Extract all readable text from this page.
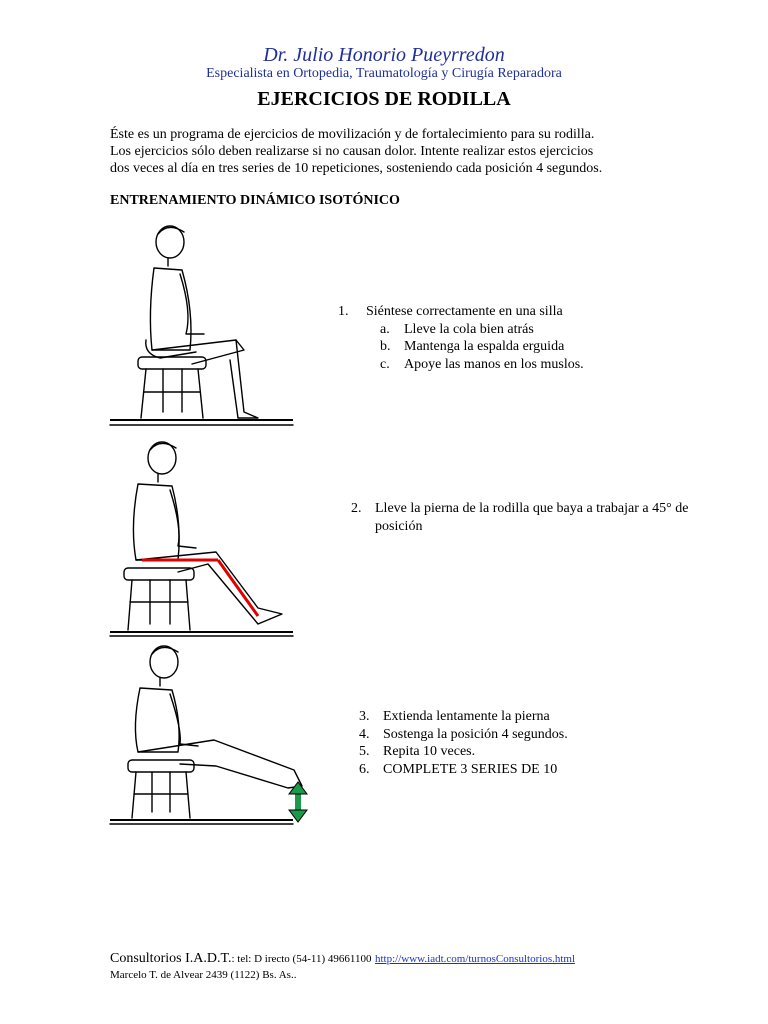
Dr. Julio Honorio Pueyrredon
Especialista en Ortopedia, Traumatología y Cirugía Reparadora
EJERCICIOS DE RODILLA
Éste es un programa de ejercicios de movilización y de fortalecimiento para su rodilla.
Los ejercicios sólo deben realizarse si no causan dolor. Intente realizar estos ejercicios
dos veces al día en tres series de 10 repeticiones, sosteniendo cada posición 4 segundos.
ENTRENAMIENTO DINÁMICO ISOTÓNICO
1.	Siéntese correctamente en una silla
a.	Lleve la cola bien atrás
b. Mantenga la espalda erguida
c.	Apoye las manos en los muslos.
2. Lleve la pierna de la rodilla que baya a trabajar a 45° de
posición
3. Extienda lentamente la pierna
4. Sostenga la posición 4 segundos.
5. Repita 10 veces.
6. COMPLETE 3 SERIES DE 10
Consultorios I.A.D.T.: tel: D irecto (54-11) 49661100 http://www.iadt.com/turnosConsultorios.html
Marcelo T. de Alvear 2439 (1122) Bs. As..
